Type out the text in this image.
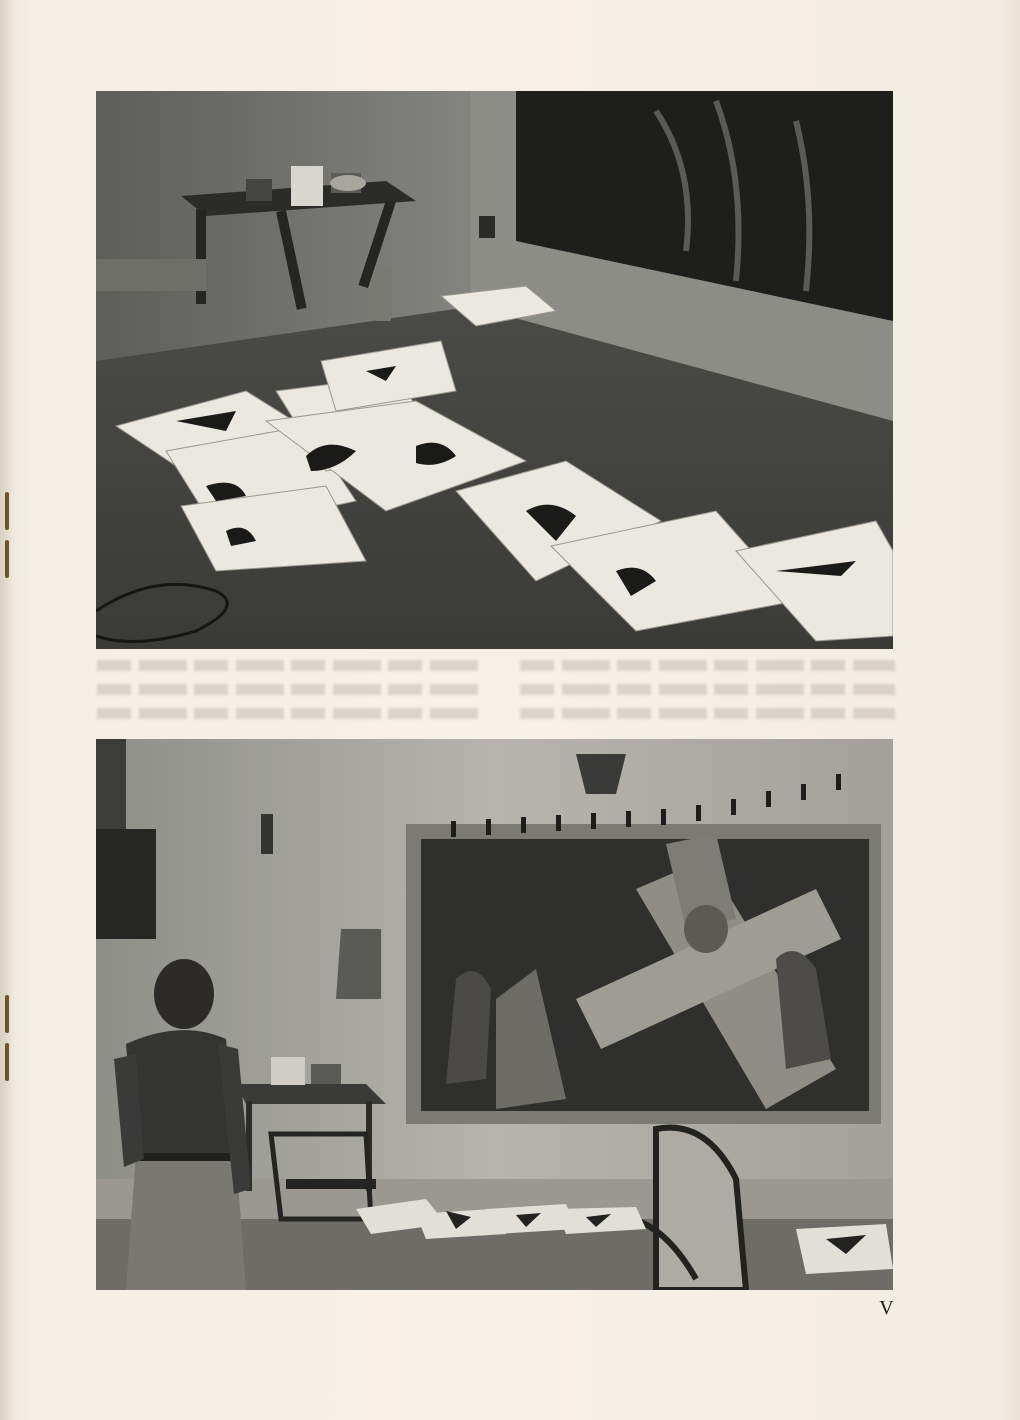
V
